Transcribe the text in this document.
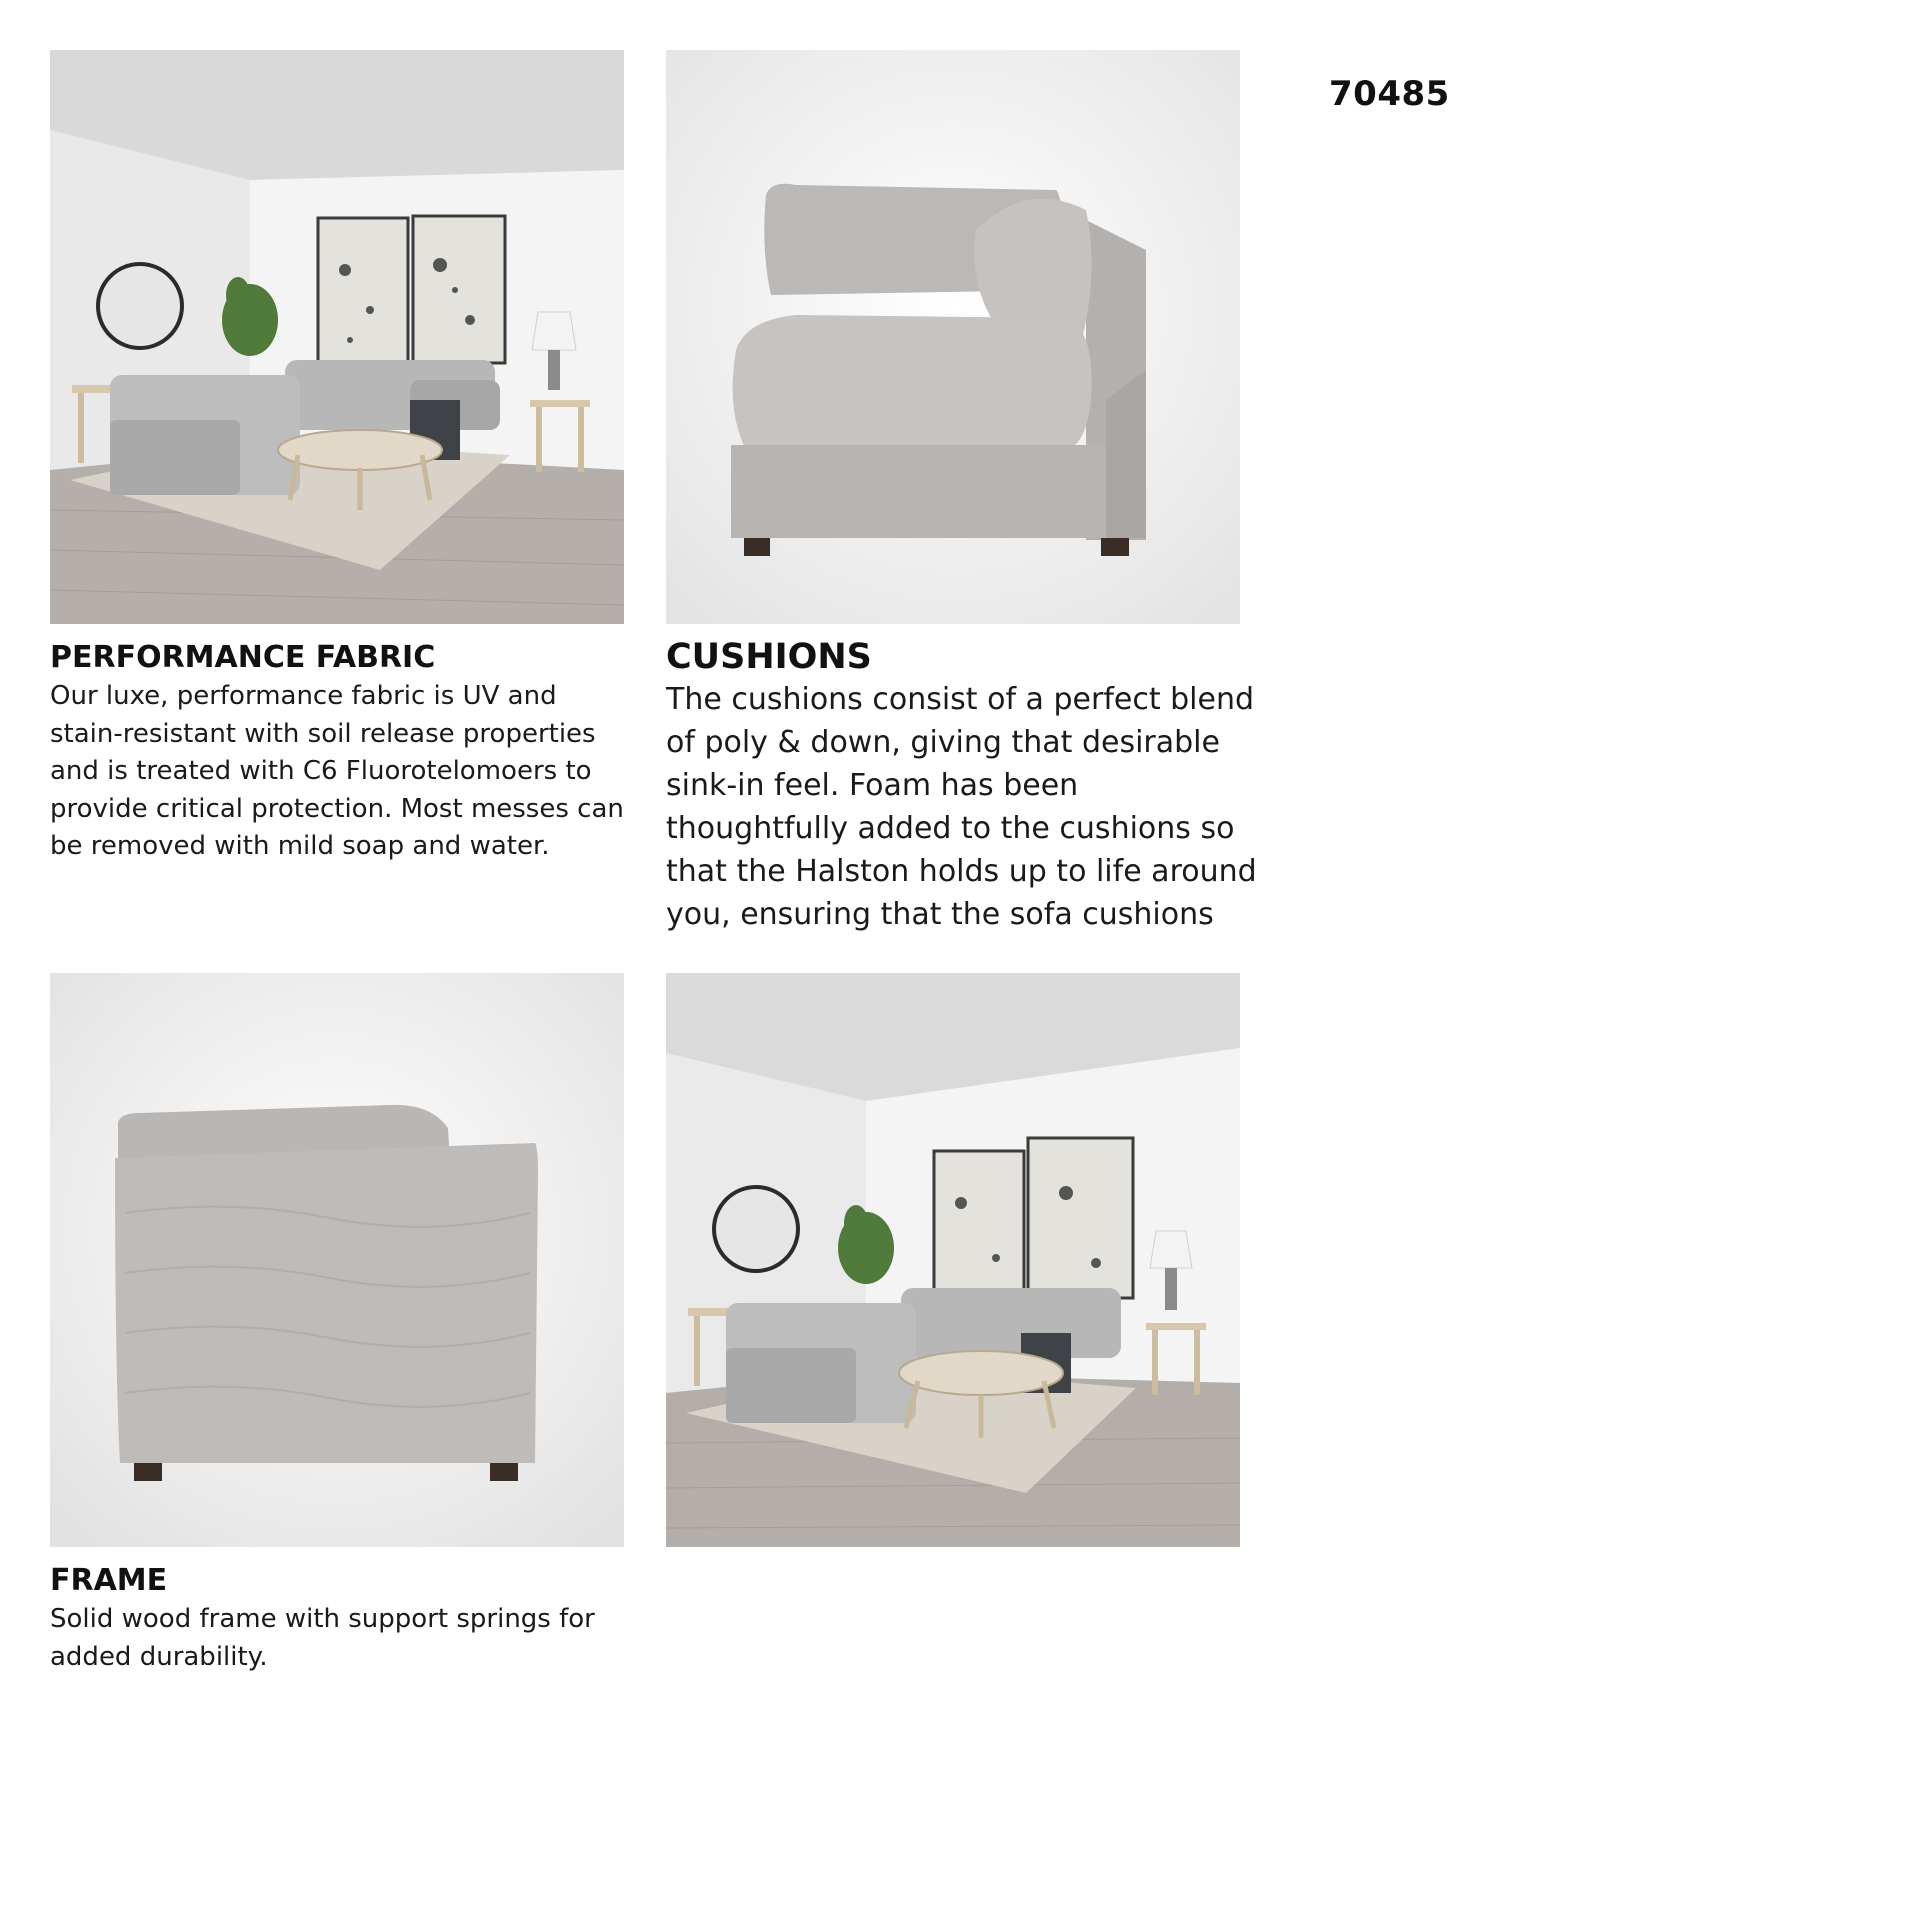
70485
PERFORMANCE FABRIC

Our luxe, performance fabric is UV and stain-resistant with soil release properties and is treated with C6 Fluorotelomoers to provide critical protection. Most messes can be removed with mild soap and water.

CUSHIONS

The cushions consist of a perfect blend of poly & down, giving that desirable sink-in feel. Foam has been thoughtfully added to the cushions so that the Halston holds up to life around you, ensuring that the sofa cushions

FRAME

Solid wood frame with support springs for added durability.
